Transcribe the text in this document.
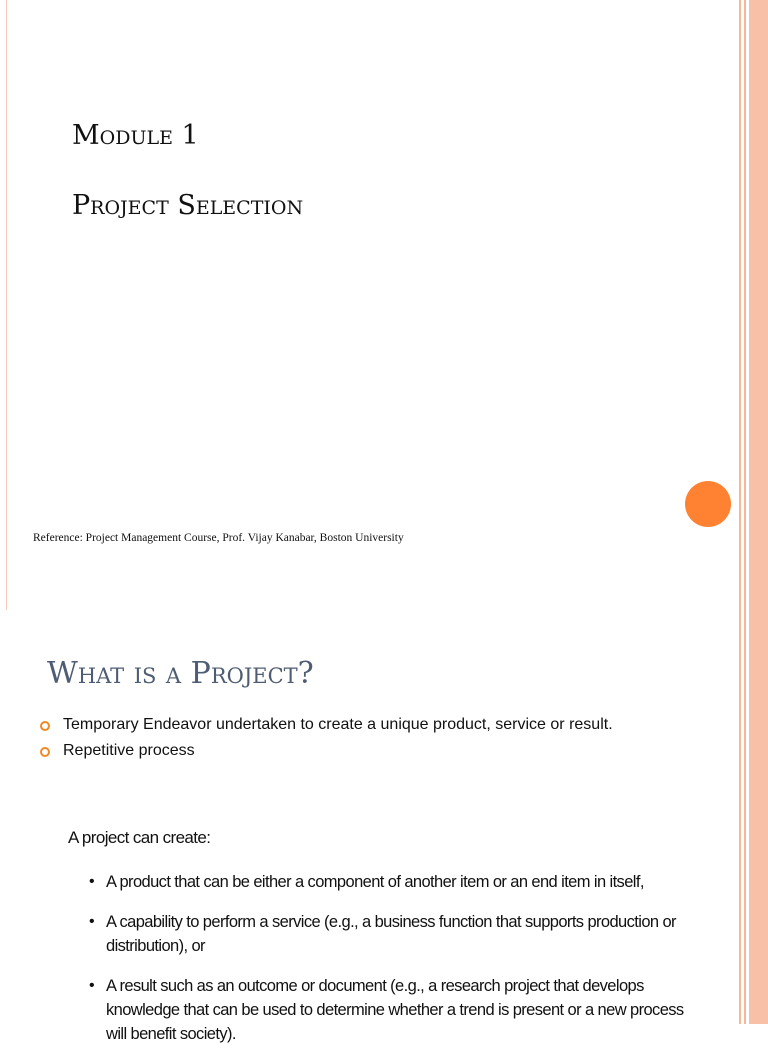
Module 1
Project Selection
Reference: Project Management Course, Prof. Vijay Kanabar, Boston University
What is a Project?
Temporary Endeavor undertaken to create a unique product, service or result.
Repetitive process
A project can create:
• A product that can be either a component of another item or an end item in itself,
• A capability to perform a service (e.g., a business function that supports production or distribution), or
• A result such as an outcome or document (e.g., a research project that develops knowledge that can be used to determine whether a trend is present or a new process will benefit society).
